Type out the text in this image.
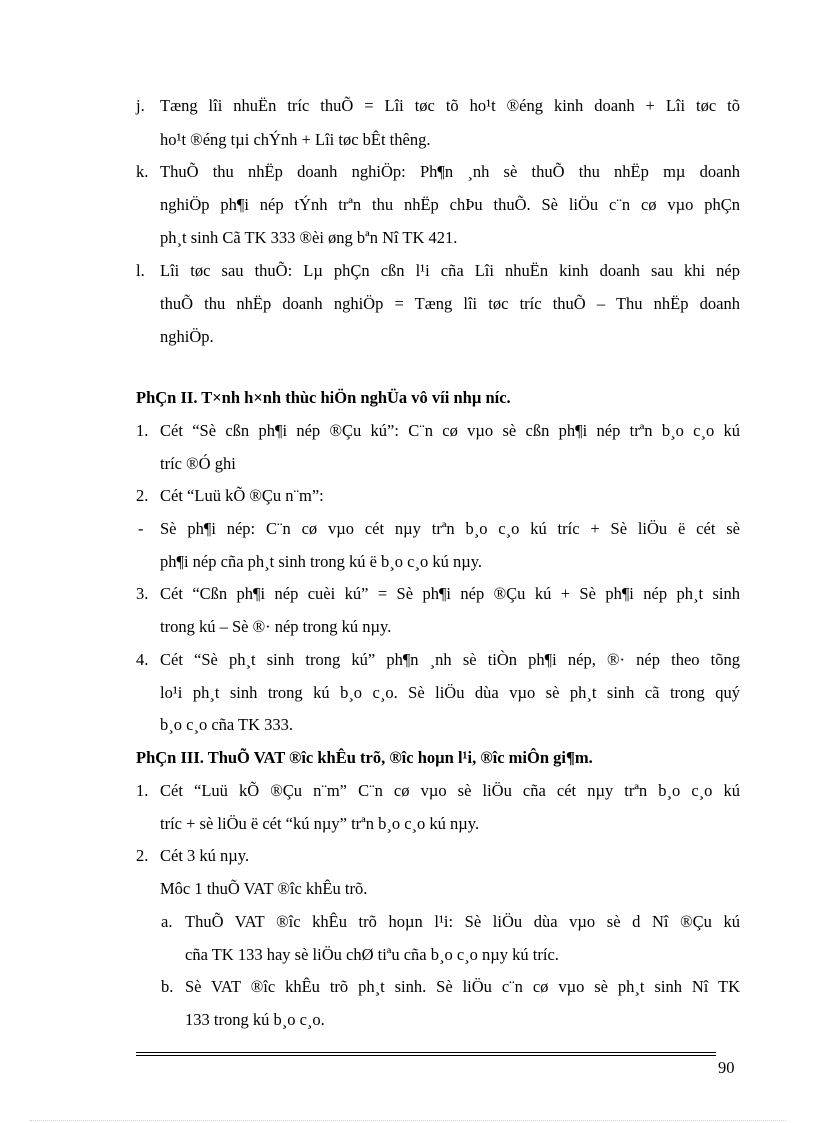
j. Tæng lîi nhuËn tríc thuÕ = Lîi tøc tõ ho¹t ®éng kinh doanh + Lîi tøc tõ
ho¹t ®éng tµi chÝnh + Lîi tøc bÊt thêng.
k. ThuÕ thu nhËp doanh nghiÖp: Ph¶n ¸nh sè thuÕ thu nhËp mµ doanh
nghiÖp ph¶i nép tÝnh trªn thu nhËp chÞu thuÕ. Sè liÖu c¨n cø vµo phÇn
ph¸t sinh Cã TK 333 ®èi øng bªn Nî TK 421.
l. Lîi tøc sau thuÕ: Lµ phÇn cßn l¹i cña Lîi nhuËn kinh doanh sau khi nép
thuÕ thu nhËp doanh nghiÖp = Tæng lîi tøc tríc thuÕ – Thu nhËp doanh
nghiÖp.
PhÇn II. T×nh h×nh thùc hiÖn nghÜa vô víi nhµ níc.
1. Cét “Sè cßn ph¶i nép ®Çu kú”: C¨n cø vµo sè cßn ph¶i nép trªn b¸o c¸o kú
tríc ®Ó ghi
2. Cét “Luü kÕ ®Çu n¨m”:
- Sè ph¶i nép: C¨n cø vµo cét nµy trªn b¸o c¸o kú tríc + Sè liÖu ë cét sè
ph¶i nép cña ph¸t sinh trong kú ë b¸o c¸o kú nµy.
3. Cét “Cßn ph¶i nép cuèi kú” = Sè ph¶i nép ®Çu kú + Sè ph¶i nép ph¸t sinh
trong kú – Sè ®· nép trong kú nµy.
4. Cét “Sè ph¸t sinh trong kú” ph¶n ¸nh sè tiÒn ph¶i nép, ®· nép theo tõng
lo¹i ph¸t sinh trong kú b¸o c¸o. Sè liÖu dùa vµo sè ph¸t sinh cã trong quý
b¸o c¸o cña TK 333.
PhÇn III. ThuÕ VAT ®îc khÊu trõ, ®îc hoµn l¹i, ®îc miÔn gi¶m.
1. Cét “Luü kÕ ®Çu n¨m” C¨n cø vµo sè liÖu cña cét nµy trªn b¸o c¸o kú
tríc + sè liÖu ë cét “kú nµy” trªn b¸o c¸o kú nµy.
2. Cét 3 kú nµy.
Môc 1 thuÕ VAT ®îc khÊu trõ.
a. ThuÕ VAT ®îc khÊu trõ hoµn l¹i: Sè liÖu dùa vµo sè d Nî ®Çu kú
cña TK 133 hay sè liÖu chØ tiªu cña b¸o c¸o nµy kú tríc.
b. Sè VAT ®îc khÊu trõ ph¸t sinh. Sè liÖu c¨n cø vµo sè ph¸t sinh Nî TK
133 trong kú b¸o c¸o.
90
